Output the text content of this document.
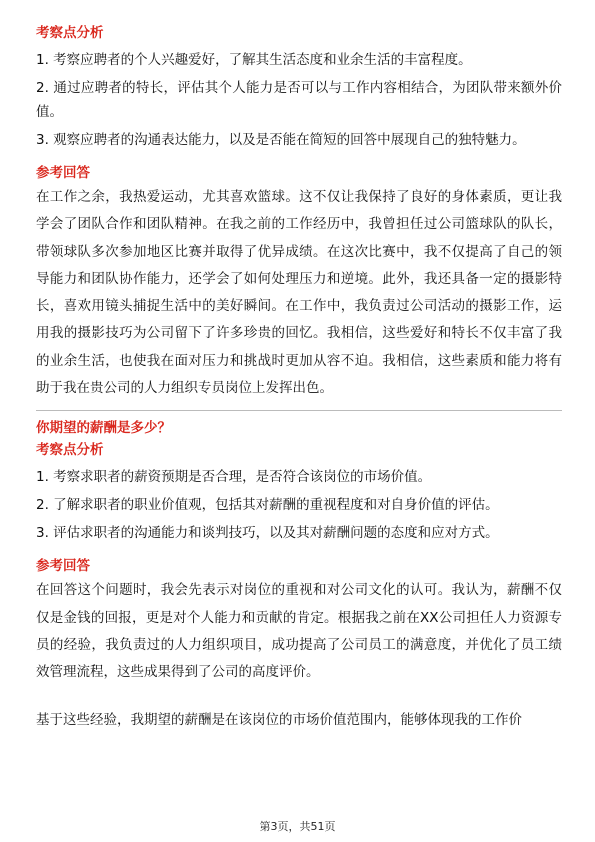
考察点分析
1. 考察应聘者的个人兴趣爱好，了解其生活态度和业余生活的丰富程度。
2. 通过应聘者的特长，评估其个人能力是否可以与工作内容相结合，为团队带来额外价值。
3. 观察应聘者的沟通表达能力，以及是否能在简短的回答中展现自己的独特魅力。
参考回答
在工作之余，我热爱运动，尤其喜欢篮球。这不仅让我保持了良好的身体素质，更让我学会了团队合作和团队精神。在我之前的工作经历中，我曾担任过公司篮球队的队长，带领球队多次参加地区比赛并取得了优异成绩。在这次比赛中，我不仅提高了自己的领导能力和团队协作能力，还学会了如何处理压力和逆境。此外，我还具备一定的摄影特长，喜欢用镜头捕捉生活中的美好瞬间。在工作中，我负责过公司活动的摄影工作，运用我的摄影技巧为公司留下了许多珍贵的回忆。我相信，这些爱好和特长不仅丰富了我的业余生活，也使我在面对压力和挑战时更加从容不迫。我相信，这些素质和能力将有助于我在贵公司的人力组织专员岗位上发挥出色。
你期望的薪酬是多少？
考察点分析
1. 考察求职者的薪资预期是否合理，是否符合该岗位的市场价值。
2. 了解求职者的职业价值观，包括其对薪酬的重视程度和对自身价值的评估。
3. 评估求职者的沟通能力和谈判技巧，以及其对薪酬问题的态度和应对方式。
参考回答
在回答这个问题时，我会先表示对岗位的重视和对公司文化的认可。我认为，薪酬不仅仅是金钱的回报，更是对个人能力和贡献的肯定。根据我之前在XX公司担任人力资源专员的经验，我负责过的人力组织项目，成功提高了公司员工的满意度，并优化了员工绩效管理流程，这些成果得到了公司的高度评价。
基于这些经验，我期望的薪酬是在该岗位的市场价值范围内，能够体现我的工作价
第3页，共51页
